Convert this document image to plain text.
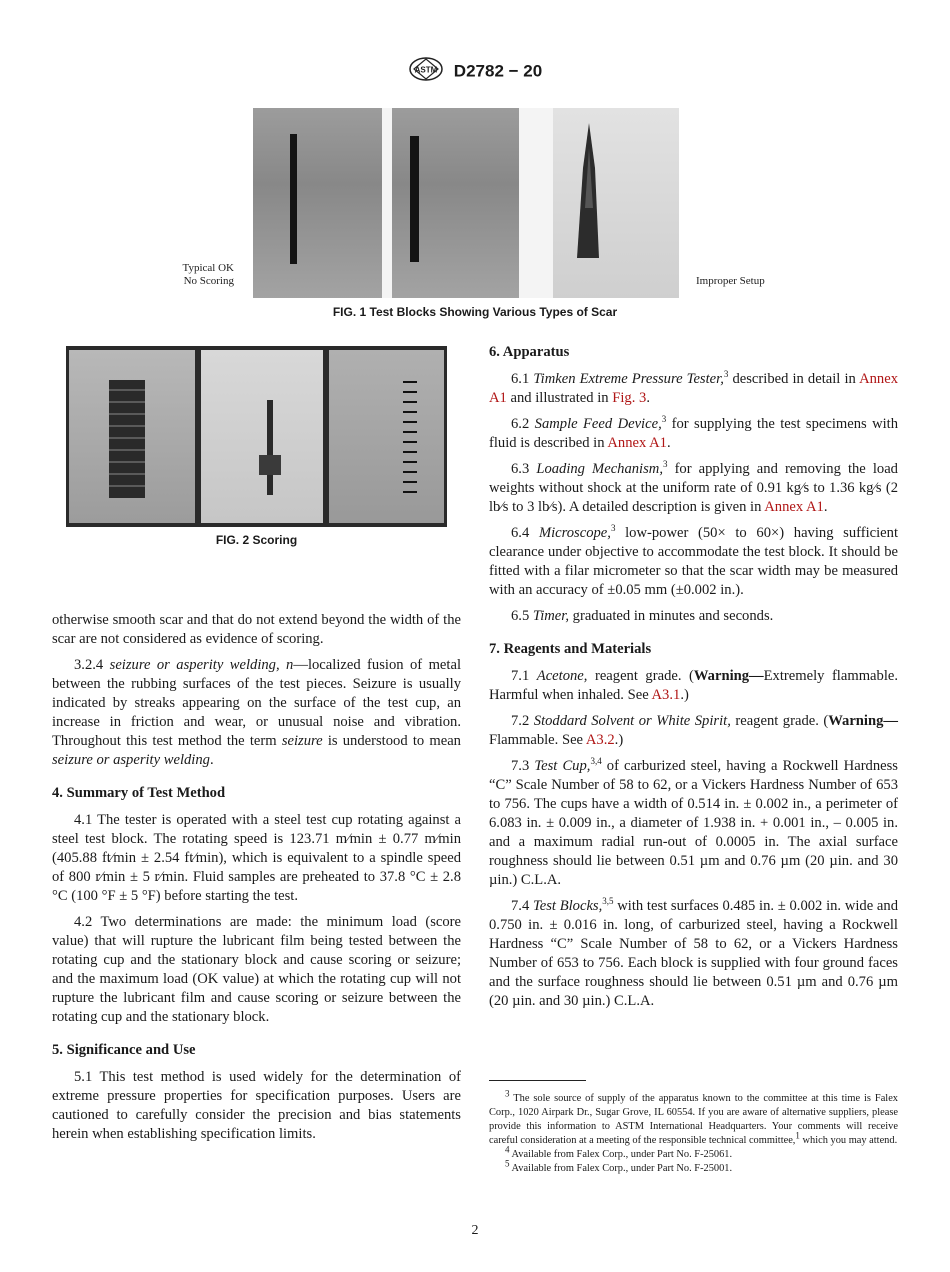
ASTM D2782 − 20
Typical OK
No Scoring	Improper Setup
FIG. 1 Test Blocks Showing Various Types of Scar
FIG. 2 Scoring

otherwise smooth scar and that do not extend beyond the width of the scar are not considered as evidence of scoring.

3.2.4 seizure or asperity welding, n—localized fusion of metal between the rubbing surfaces of the test pieces. Seizure is usually indicated by streaks appearing on the surface of the test cup, an increase in friction and wear, or unusual noise and vibration. Throughout this test method the term seizure is understood to mean seizure or asperity welding.

4. Summary of Test Method

4.1 The tester is operated with a steel test cup rotating against a steel test block. The rotating speed is 123.71 m⁄min ± 0.77 m⁄min (405.88 ft⁄min ± 2.54 ft⁄min), which is equivalent to a spindle speed of 800 r⁄min ± 5 r⁄min. Fluid samples are preheated to 37.8 °C ± 2.8 °C (100 °F ± 5 °F) before starting the test.

4.2 Two determinations are made: the minimum load (score value) that will rupture the lubricant film being tested between the rotating cup and the stationary block and cause scoring or seizure; and the maximum load (OK value) at which the rotating cup will not rupture the lubricant film and cause scoring or seizure between the rotating cup and the stationary block.

5. Significance and Use

5.1 This test method is used widely for the determination of extreme pressure properties for specification purposes. Users are cautioned to carefully consider the precision and bias statements herein when establishing specification limits.

6. Apparatus

6.1 Timken Extreme Pressure Tester,$^3$ described in detail in Annex A1 and illustrated in Fig. 3.

6.2 Sample Feed Device,$^3$ for supplying the test specimens with fluid is described in Annex A1.

6.3 Loading Mechanism,$^3$ for applying and removing the load weights without shock at the uniform rate of 0.91 kg⁄s to 1.36 kg⁄s (2 lb⁄s to 3 lb⁄s). A detailed description is given in Annex A1.

6.4 Microscope,$^3$ low-power (50× to 60×) having sufficient clearance under objective to accommodate the test block. It should be fitted with a filar micrometer so that the scar width may be measured with an accuracy of ±0.05 mm (±0.002 in.).

6.5 Timer, graduated in minutes and seconds.

7. Reagents and Materials

7.1 Acetone, reagent grade. (Warning—Extremely flammable. Harmful when inhaled. See A3.1.)

7.2 Stoddard Solvent or White Spirit, reagent grade. (Warning—Flammable. See A3.2.)

7.3 Test Cup,$^{3,4}$ of carburized steel, having a Rockwell Hardness “C” Scale Number of 58 to 62, or a Vickers Hardness Number of 653 to 756. The cups have a width of 0.514 in. ± 0.002 in., a perimeter of 6.083 in. ± 0.009 in., a diameter of 1.938 in. + 0.001 in., – 0.005 in. and a maximum radial run-out of 0.0005 in. The axial surface roughness should lie between 0.51 µm and 0.76 µm (20 µin. and 30 µin.) C.L.A.

7.4 Test Blocks,$^{3,5}$ with test surfaces 0.485 in. ± 0.002 in. wide and 0.750 in. ± 0.016 in. long, of carburized steel, having a Rockwell Hardness “C” Scale Number of 58 to 62, or a Vickers Hardness Number of 653 to 756. Each block is supplied with four ground faces and the surface roughness should lie between 0.51 µm and 0.76 µm (20 µin. and 30 µin.) C.L.A.

$^3$ The sole source of supply of the apparatus known to the committee at this time is Falex Corp., 1020 Airpark Dr., Sugar Grove, IL 60554. If you are aware of alternative suppliers, please provide this information to ASTM International Headquarters. Your comments will receive careful consideration at a meeting of the responsible technical committee,$^1$ which you may attend.

$^4$ Available from Falex Corp., under Part No. F-25061.

$^5$ Available from Falex Corp., under Part No. F-25001.

2
